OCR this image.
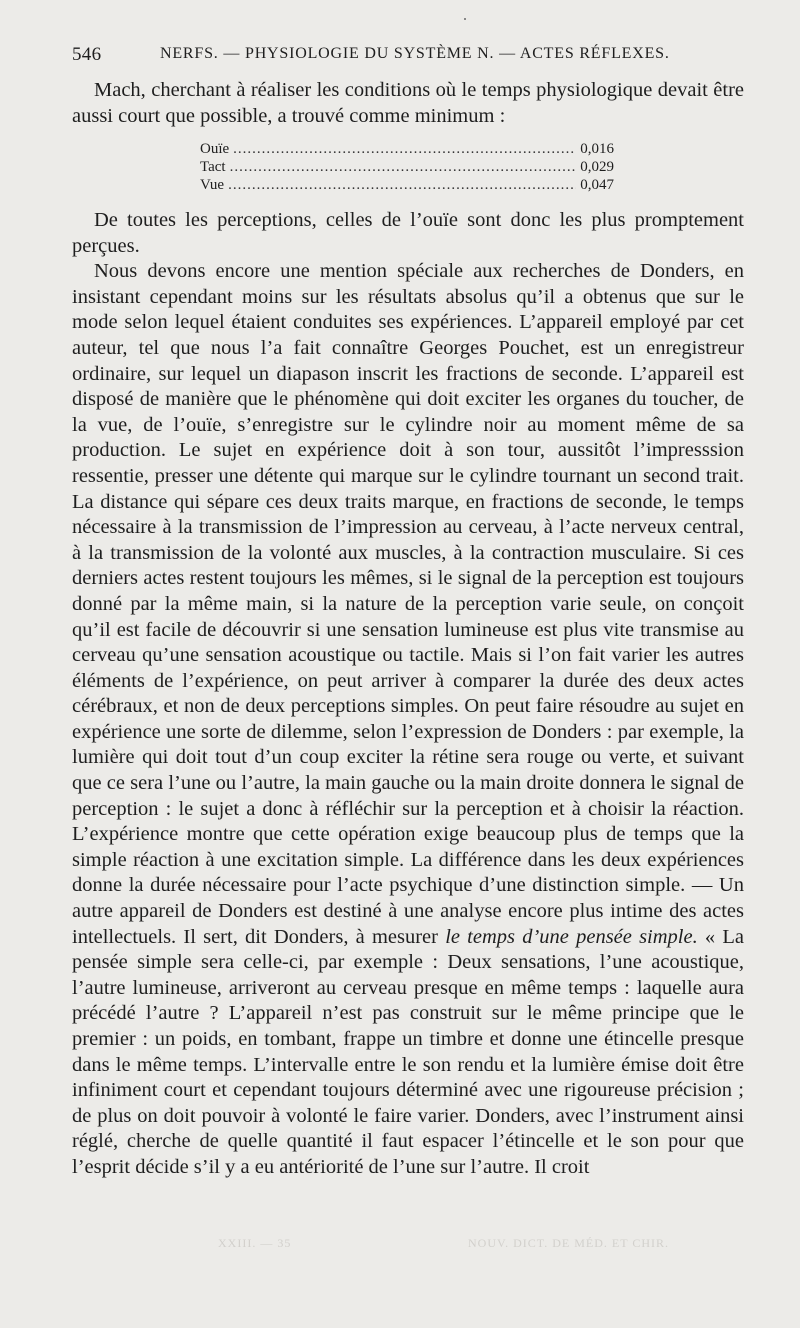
546	NERFS. — PHYSIOLOGIE DU SYSTÈME N. — ACTES RÉFLEXES.

Mach, cherchant à réaliser les conditions où le temps physiologique devait être aussi court que possible, a trouvé comme minimum :

Ouïe .....	0,016
Tact .....	0,029
Vue .....	0,047

De toutes les perceptions, celles de l’ouïe sont donc les plus promptement perçues.

Nous devons encore une mention spéciale aux recherches de Donders, en insistant cependant moins sur les résultats absolus qu’il a obtenus que sur le mode selon lequel étaient conduites ses expériences. L’appareil employé par cet auteur, tel que nous l’a fait connaître Georges Pouchet, est un enregistreur ordinaire, sur lequel un diapason inscrit les fractions de seconde. L’appareil est disposé de manière que le phénomène qui doit exciter les organes du toucher, de la vue, de l’ouïe, s’enregistre sur le cylindre noir au moment même de sa production. Le sujet en expérience doit à son tour, aussitôt l’impresssion ressentie, presser une détente qui marque sur le cylindre tournant un second trait. La distance qui sépare ces deux traits marque, en fractions de seconde, le temps nécessaire à la transmission de l’impression au cerveau, à l’acte nerveux central, à la transmission de la volonté aux muscles, à la contraction musculaire. Si ces derniers actes restent toujours les mêmes, si le signal de la perception est toujours donné par la même main, si la nature de la perception varie seule, on conçoit qu’il est facile de découvrir si une sensation lumineuse est plus vite transmise au cerveau qu’une sensation acoustique ou tactile. Mais si l’on fait varier les autres éléments de l’expérience, on peut arriver à comparer la durée des deux actes cérébraux, et non de deux perceptions simples. On peut faire résoudre au sujet en expérience une sorte de dilemme, selon l’expression de Donders : par exemple, la lumière qui doit tout d’un coup exciter la rétine sera rouge ou verte, et suivant que ce sera l’une ou l’autre, la main gauche ou la main droite donnera le signal de perception : le sujet a donc à réfléchir sur la perception et à choisir la réaction. L’expérience montre que cette opération exige beaucoup plus de temps que la simple réaction à une excitation simple. La différence dans les deux expériences donne la durée nécessaire pour l’acte psychique d’une distinction simple. — Un autre appareil de Donders est destiné à une analyse encore plus intime des actes intellectuels. Il sert, dit Donders, à mesurer le temps d’une pensée simple. « La pensée simple sera celle-ci, par exemple : Deux sensations, l’une acoustique, l’autre lumineuse, arriveront au cerveau presque en même temps : laquelle aura précédé l’autre ? L’appareil n’est pas construit sur le même principe que le premier : un poids, en tombant, frappe un timbre et donne une étincelle presque dans le même temps. L’intervalle entre le son rendu et la lumière émise doit être infiniment court et cependant toujours déterminé avec une rigoureuse précision ; de plus on doit pouvoir à volonté le faire varier. Donders, avec l’instrument ainsi réglé, cherche de quelle quantité il faut espacer l’étincelle et le son pour que l’esprit décide s’il y a eu antériorité de l’une sur l’autre. Il croit

XXIII. — 35	NOUV. DICT. DE MÉD. ET CHIR.
